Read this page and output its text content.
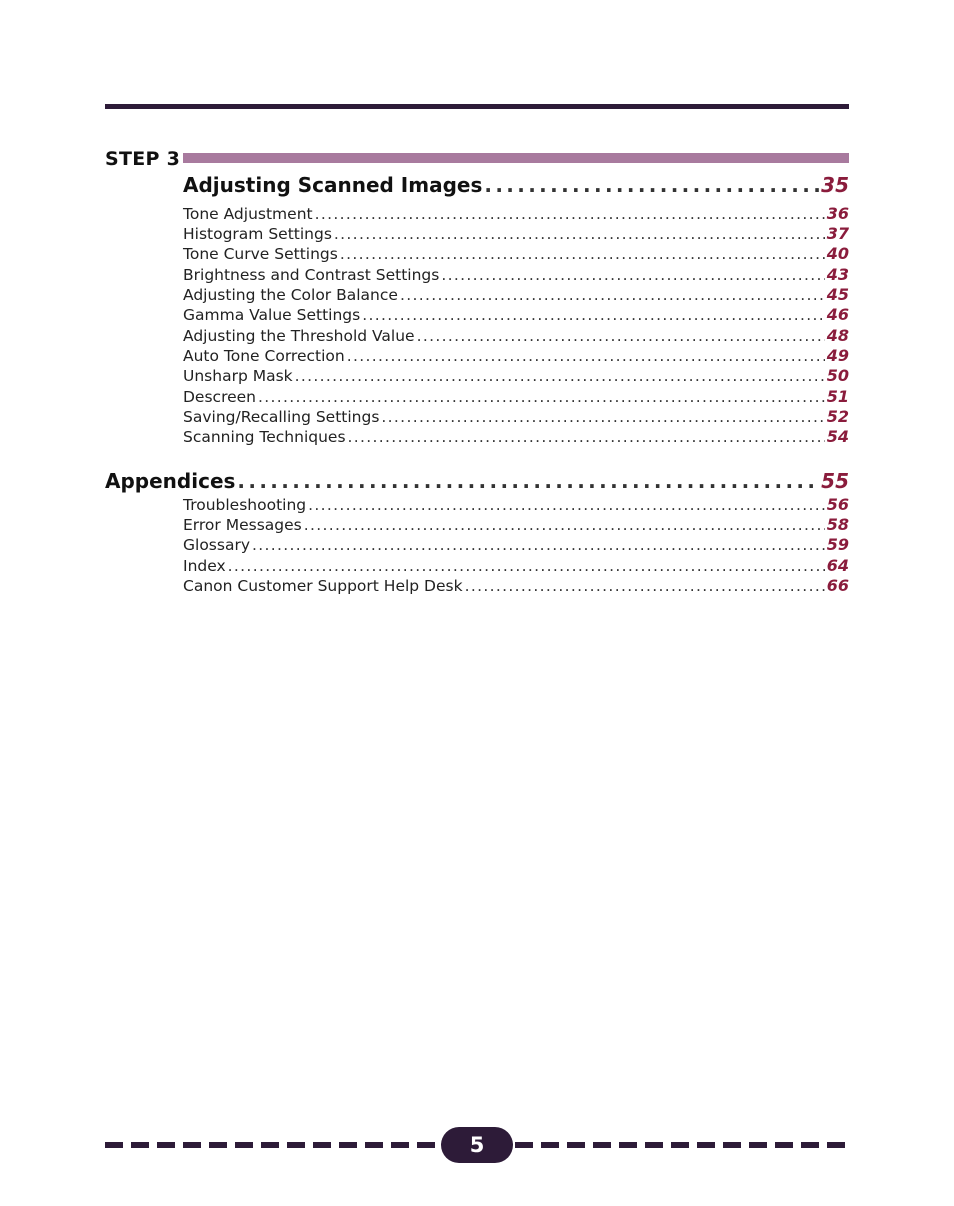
STEP 3
Adjusting Scanned Images . . .	35
Tone Adjustment . . .	36
Histogram Settings . . .	37
Tone Curve Settings . . .	40
Brightness and Contrast Settings . . .	43
Adjusting the Color Balance . . .	45
Gamma Value Settings . . .	46
Adjusting the Threshold Value . . .	48
Auto Tone Correction . . .	49
Unsharp Mask . . .	50
Descreen . . .	51
Saving/Recalling Settings . . .	52
Scanning Techniques . . .	54
Appendices . . .	55
Troubleshooting . . .	56
Error Messages . . .	58
Glossary . . .	59
Index . . .	64
Canon Customer Support Help Desk . . .	66
5
